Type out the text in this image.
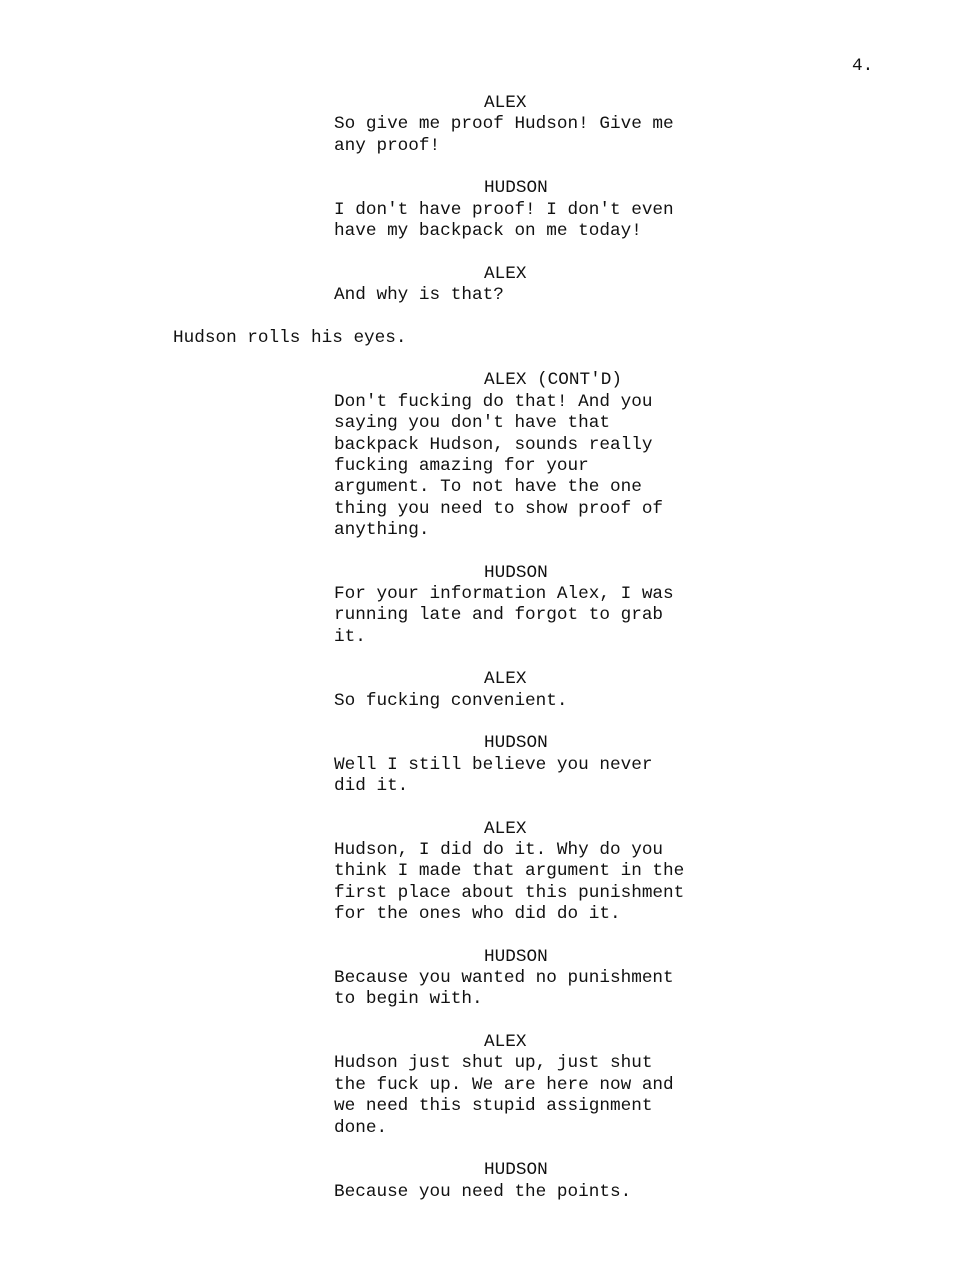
4.
ALEX
So give me proof Hudson! Give me
any proof!
HUDSON
I don't have proof! I don't even
have my backpack on me today!
ALEX
And why is that?
Hudson rolls his eyes.
ALEX (CONT'D)
Don't fucking do that! And you
saying you don't have that
backpack Hudson, sounds really
fucking amazing for your
argument. To not have the one
thing you need to show proof of
anything.
HUDSON
For your information Alex, I was
running late and forgot to grab
it.
ALEX
So fucking convenient.
HUDSON
Well I still believe you never
did it.
ALEX
Hudson, I did do it. Why do you
think I made that argument in the
first place about this punishment
for the ones who did do it.
HUDSON
Because you wanted no punishment
to begin with.
ALEX
Hudson just shut up, just shut
the fuck up. We are here now and
we need this stupid assignment
done.
HUDSON
Because you need the points.
